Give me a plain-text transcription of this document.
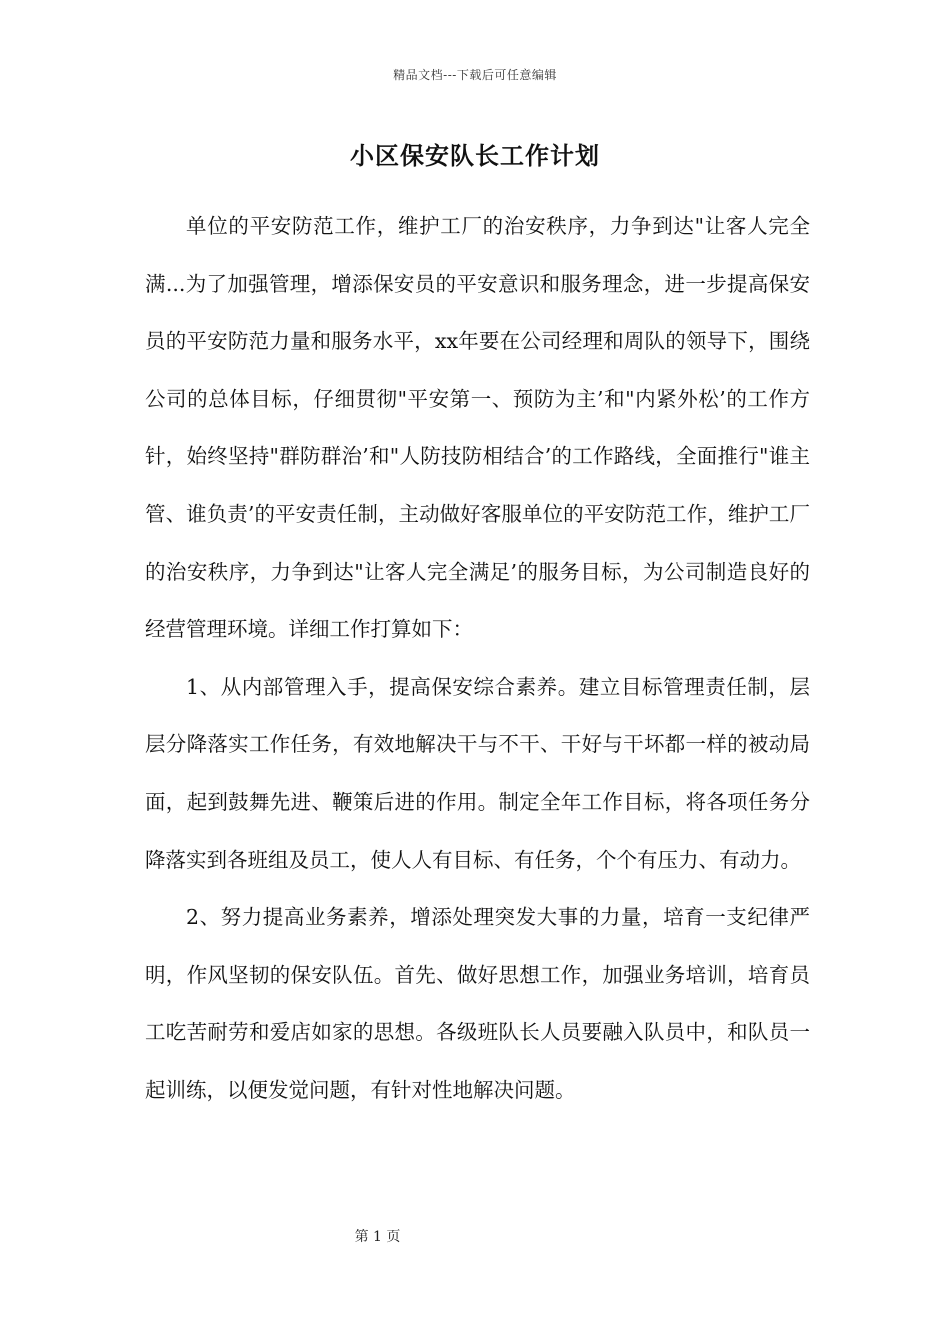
精品文档---下载后可任意编辑
小区保安队长工作计划

单位的平安防范工作，维护工厂的治安秩序，力争到达"让客人完全满...为了加强管理，增添保安员的平安意识和服务理念，进一步提高保安员的平安防范力量和服务水平，xx年要在公司经理和周队的领导下，围绕公司的总体目标，仔细贯彻"平安第一、预防为主’和"内紧外松’的工作方针，始终坚持"群防群治’和"人防技防相结合’的工作路线，全面推行"谁主管、谁负责’的平安责任制，主动做好客服单位的平安防范工作，维护工厂的治安秩序，力争到达"让客人完全满足’的服务目标，为公司制造良好的经营管理环境。详细工作打算如下：

1、从内部管理入手，提高保安综合素养。建立目标管理责任制，层层分降落实工作任务，有效地解决干与不干、干好与干坏都一样的被动局面，起到鼓舞先进、鞭策后进的作用。制定全年工作目标，将各项任务分降落实到各班组及员工，使人人有目标、有任务，个个有压力、有动力。

2、努力提高业务素养，增添处理突发大事的力量，培育一支纪律严明，作风坚韧的保安队伍。首先、做好思想工作，加强业务培训，培育员工吃苦耐劳和爱店如家的思想。各级班队长人员要融入队员中，和队员一起训练，以便发觉问题，有针对性地解决问题。

第 1 页
